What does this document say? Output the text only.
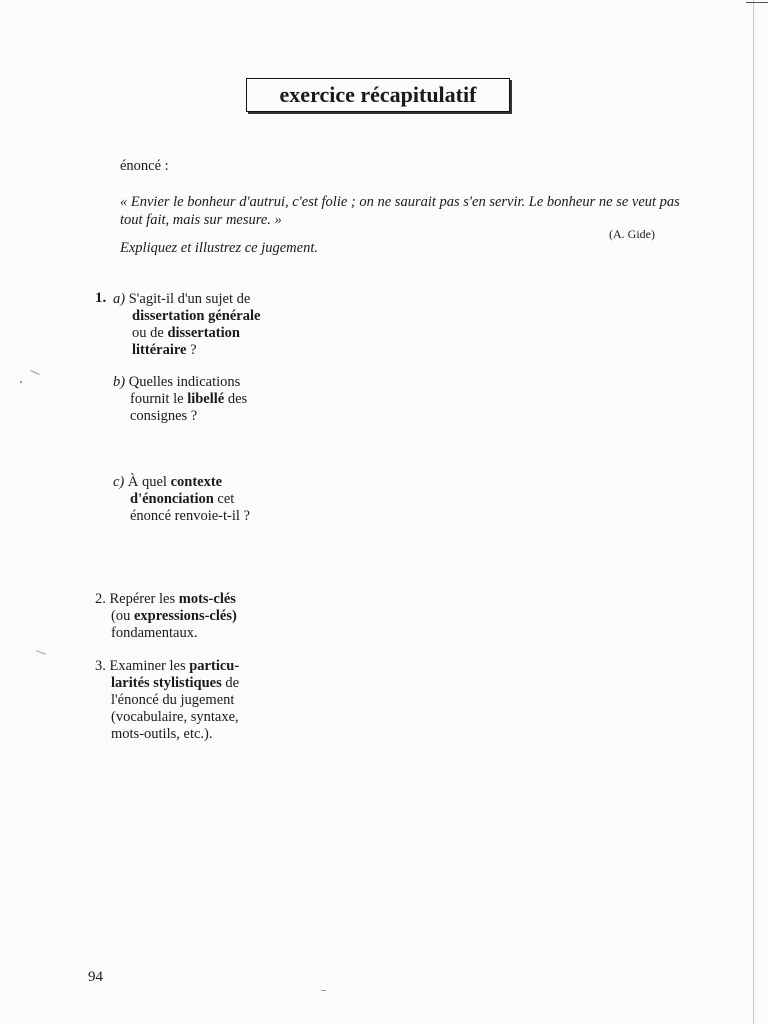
exercice récapitulatif
énoncé :
« Envier le bonheur d'autrui, c'est folie ; on ne saurait pas s'en servir. Le bonheur ne se veut pas tout fait, mais sur mesure. »
(A. Gide)
Expliquez et illustrez ce jugement.
1. a) S'agit-il d'un sujet de
dissertation générale
ou de dissertation
littéraire ?
b) Quelles indications
fournit le libellé des
consignes ?
c) À quel contexte
d'énonciation cet
énoncé renvoie-t-il ?
2. Repérer les mots-clés
(ou expressions-clés)
fondamentaux.
3. Examiner les particu-
larités stylistiques de
l'énoncé du jugement
(vocabulaire, syntaxe,
mots-outils, etc.).
94
